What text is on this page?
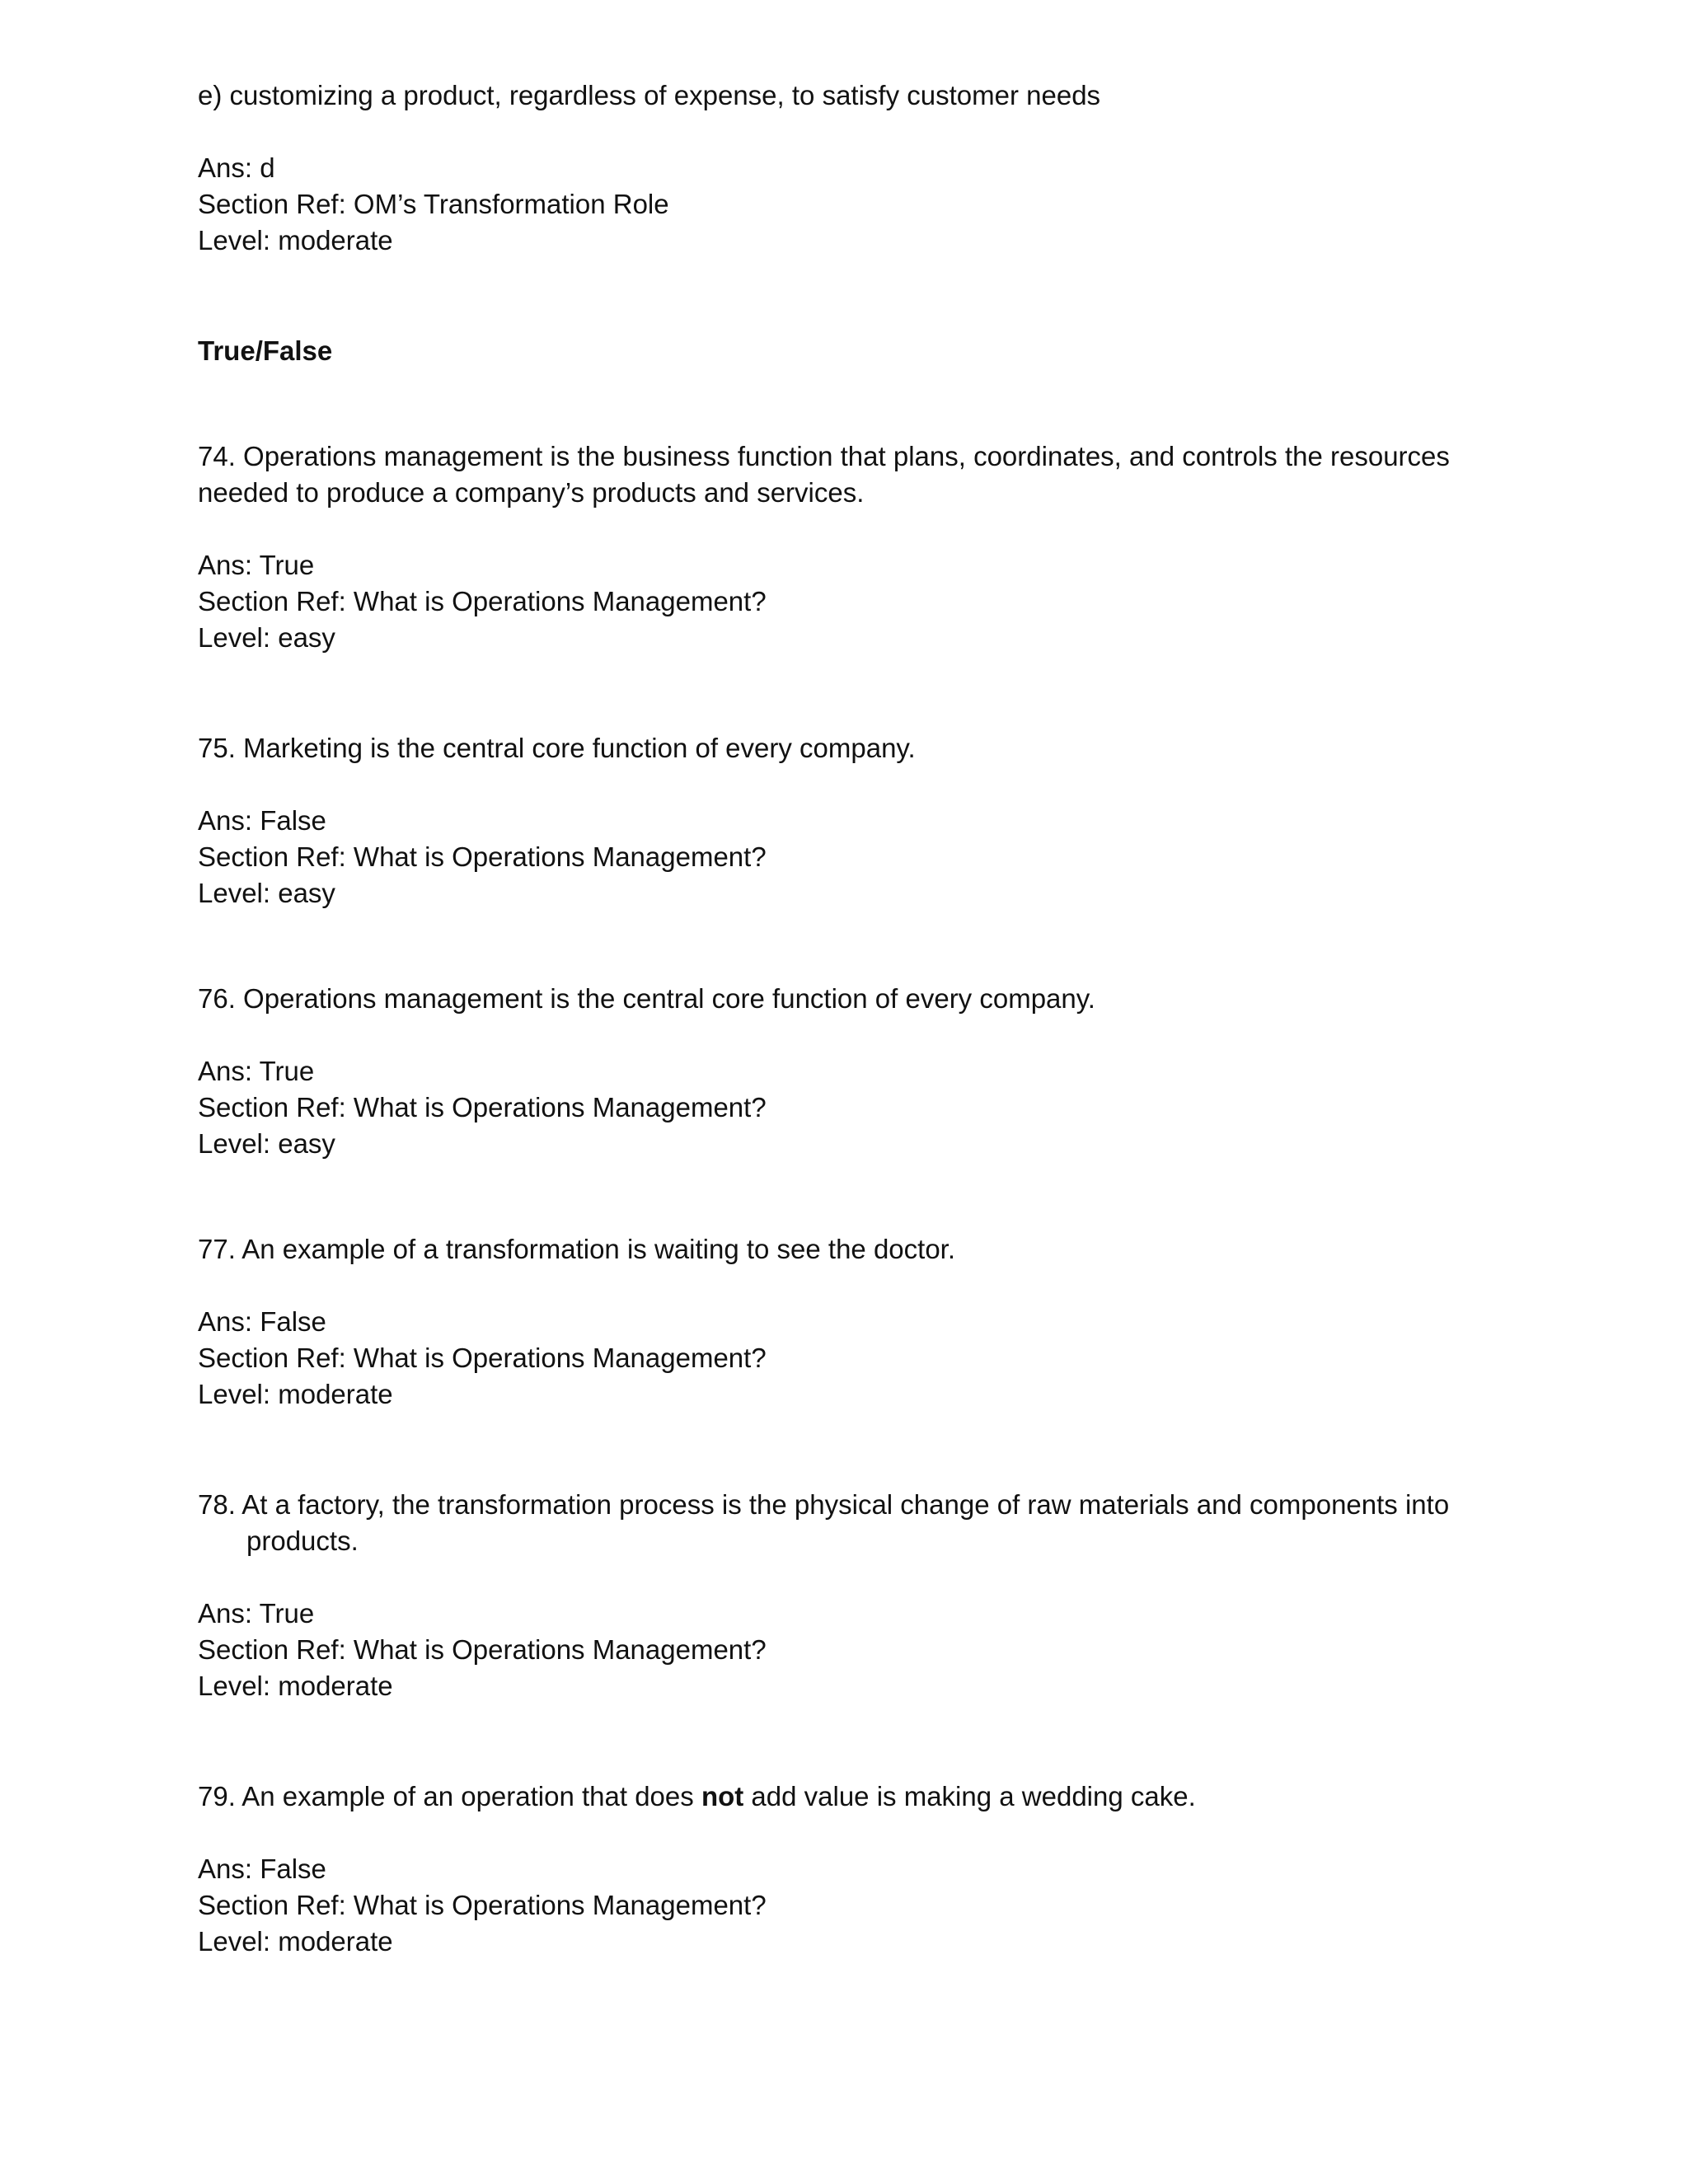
e) customizing a product, regardless of expense, to satisfy customer needs

Ans: d

Section Ref: OM’s Transformation Role

Level: moderate

True/False

74. Operations management is the business function that plans, coordinates, and controls the resources

needed to produce a company’s products and services.

Ans: True

Section Ref: What is Operations Management?

Level: easy

75. Marketing is the central core function of every company.

Ans: False

Section Ref: What is Operations Management?

Level: easy

76. Operations management is the central core function of every company.

Ans: True

Section Ref: What is Operations Management?

Level: easy

77. An example of a transformation is waiting to see the doctor.

Ans: False

Section Ref: What is Operations Management?

Level: moderate

78. At a factory, the transformation process is the physical change of raw materials and components into

products.

Ans: True

Section Ref: What is Operations Management?

Level: moderate

79. An example of an operation that does not add value is making a wedding cake.

Ans: False

Section Ref: What is Operations Management?

Level: moderate
